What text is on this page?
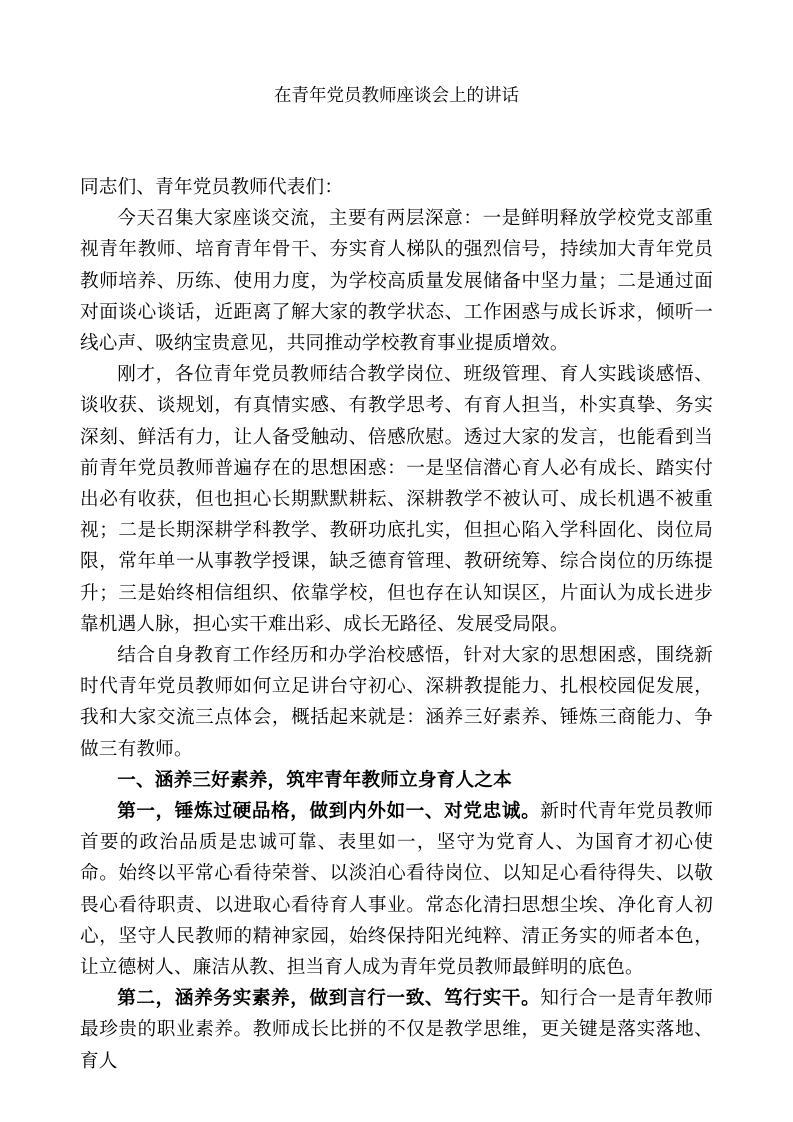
在青年党员教师座谈会上的讲话

同志们、青年党员教师代表们：

今天召集大家座谈交流，主要有两层深意：一是鲜明释放学校党支部重视青年教师、培育青年骨干、夯实育人梯队的强烈信号，持续加大青年党员教师培养、历练、使用力度，为学校高质量发展储备中坚力量；二是通过面对面谈心谈话，近距离了解大家的教学状态、工作困惑与成长诉求，倾听一线心声、吸纳宝贵意见，共同推动学校教育事业提质增效。

刚才，各位青年党员教师结合教学岗位、班级管理、育人实践谈感悟、谈收获、谈规划，有真情实感、有教学思考、有育人担当，朴实真挚、务实深刻、鲜活有力，让人备受触动、倍感欣慰。透过大家的发言，也能看到当前青年党员教师普遍存在的思想困惑：一是坚信潜心育人必有成长、踏实付出必有收获，但也担心长期默默耕耘、深耕教学不被认可、成长机遇不被重视；二是长期深耕学科教学、教研功底扎实，但担心陷入学科固化、岗位局限，常年单一从事教学授课，缺乏德育管理、教研统筹、综合岗位的历练提升；三是始终相信组织、依靠学校，但也存在认知误区，片面认为成长进步靠机遇人脉，担心实干难出彩、成长无路径、发展受局限。

结合自身教育工作经历和办学治校感悟，针对大家的思想困惑，围绕新时代青年党员教师如何立足讲台守初心、深耕教提能力、扎根校园促发展，我和大家交流三点体会，概括起来就是：涵养三好素养、锤炼三商能力、争做三有教师。

一、涵养三好素养，筑牢青年教师立身育人之本

第一，锤炼过硬品格，做到内外如一、对党忠诚。新时代青年党员教师首要的政治品质是忠诚可靠、表里如一，坚守为党育人、为国育才初心使命。始终以平常心看待荣誉、以淡泊心看待岗位、以知足心看待得失、以敬畏心看待职责、以进取心看待育人事业。常态化清扫思想尘埃、净化育人初心，坚守人民教师的精神家园，始终保持阳光纯粹、清正务实的师者本色，让立德树人、廉洁从教、担当育人成为青年党员教师最鲜明的底色。

第二，涵养务实素养，做到言行一致、笃行实干。知行合一是青年教师最珍贵的职业素养。教师成长比拼的不仅是教学思维，更关键是落实落地、育人
